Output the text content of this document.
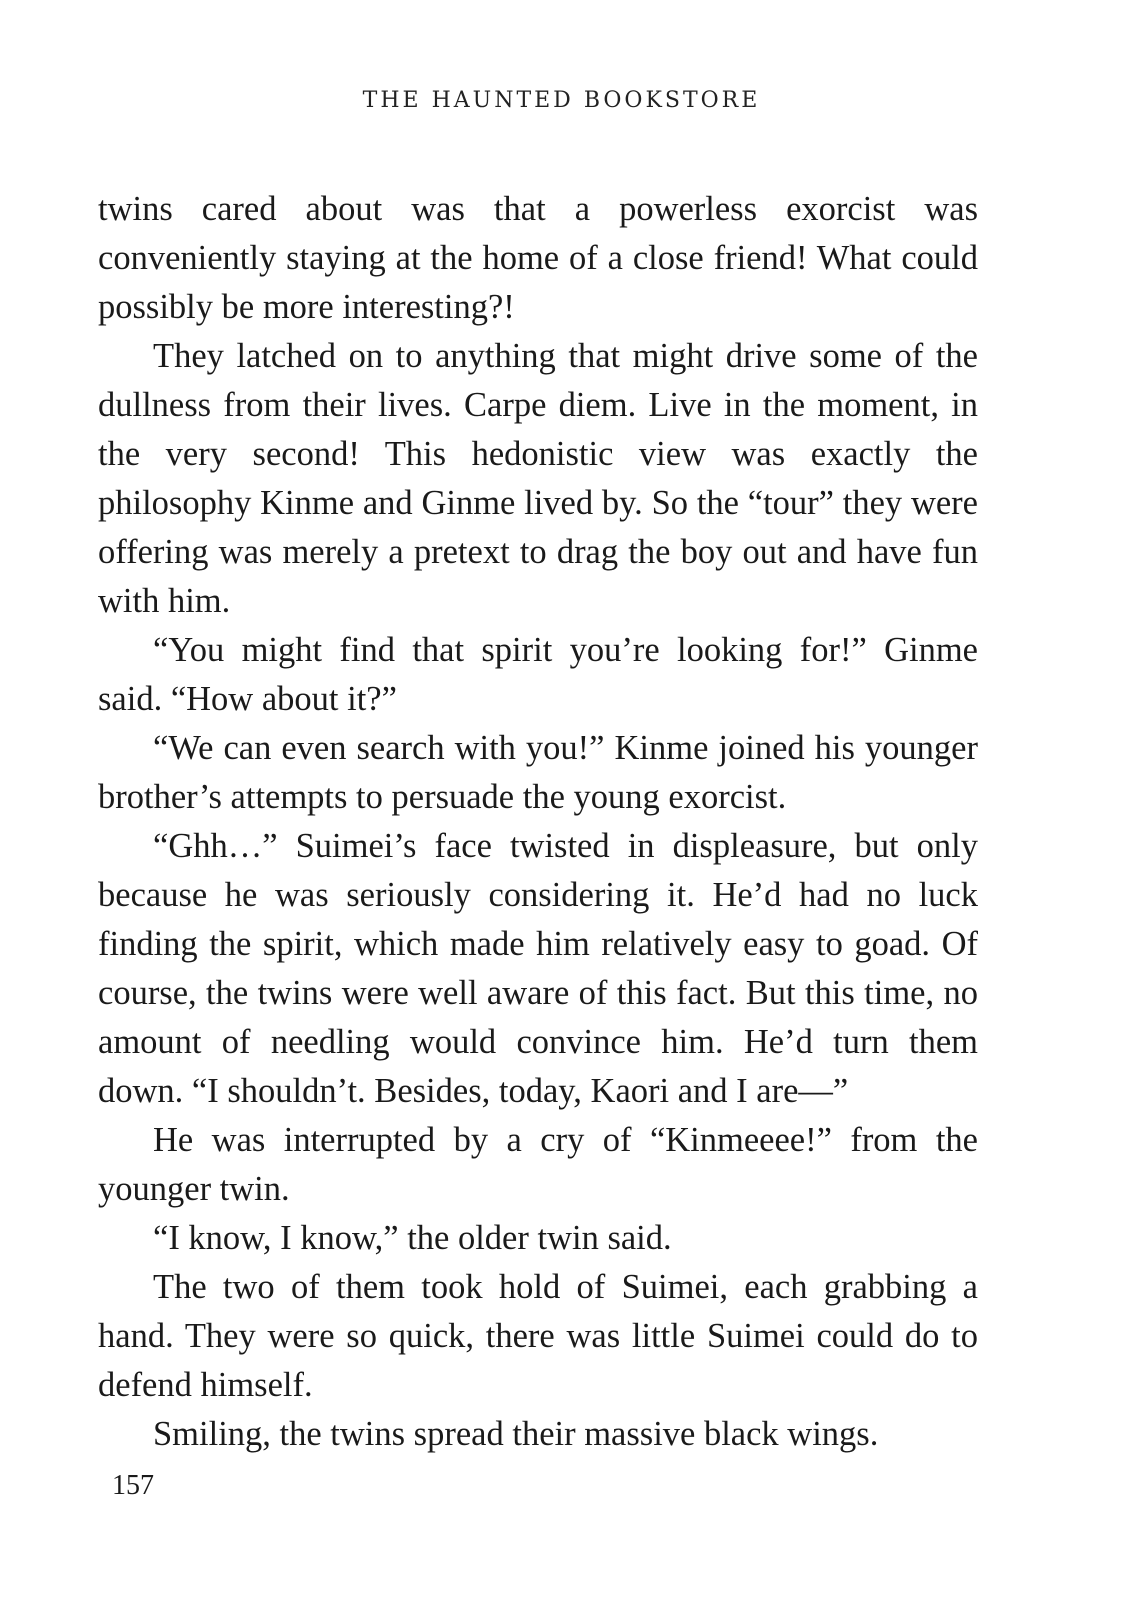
THE HAUNTED BOOKSTORE

twins cared about was that a powerless exorcist was conveniently staying at the home of a close friend! What could possibly be more interesting?!

They latched on to anything that might drive some of the dullness from their lives. Carpe diem. Live in the moment, in the very second! This hedonistic view was exactly the philosophy Kinme and Ginme lived by. So the “tour” they were offering was merely a pretext to drag the boy out and have fun with him.

“You might find that spirit you’re looking for!” Ginme said. “How about it?”

“We can even search with you!” Kinme joined his younger brother’s attempts to persuade the young exorcist.

“Ghh…” Suimei’s face twisted in displeasure, but only because he was seriously considering it. He’d had no luck finding the spirit, which made him relatively easy to goad. Of course, the twins were well aware of this fact. But this time, no amount of needling would convince him. He’d turn them down. “I shouldn’t. Besides, today, Kaori and I are—”

He was interrupted by a cry of “Kinmeeee!” from the younger twin.

“I know, I know,” the older twin said.

The two of them took hold of Suimei, each grabbing a hand. They were so quick, there was little Suimei could do to defend himself.

Smiling, the twins spread their massive black wings.

157
